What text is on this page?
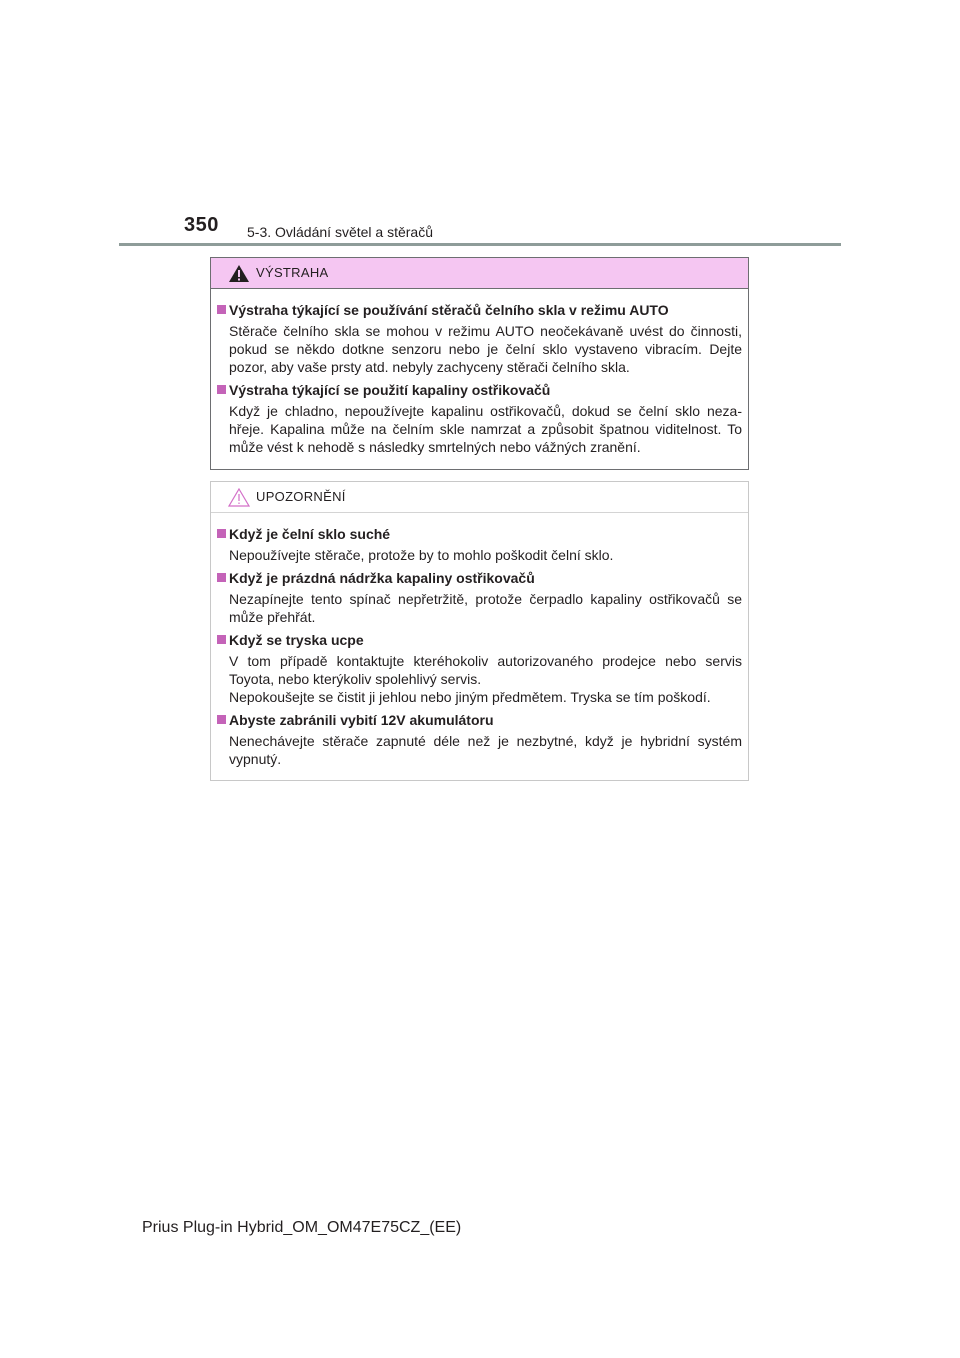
350 5-3. Ovládání světel a stěračů
VÝSTRAHA
Výstraha týkající se používání stěračů čelního skla v režimu AUTO
Stěrače čelního skla se mohou v režimu AUTO neočekávaně uvést do činnosti, pokud se někdo dotkne senzoru nebo je čelní sklo vystaveno vibracím. Dejte pozor, aby vaše prsty atd. nebyly zachyceny stěrači čelního skla.
Výstraha týkající se použití kapaliny ostřikovačů
Když je chladno, nepoužívejte kapalinu ostřikovačů, dokud se čelní sklo neza-hřeje. Kapalina může na čelním skle namrzat a způsobit špatnou viditelnost. To může vést k nehodě s následky smrtelných nebo vážných zranění.
UPOZORNĚNÍ
Když je čelní sklo suché
Nepoužívejte stěrače, protože by to mohlo poškodit čelní sklo.
Když je prázdná nádržka kapaliny ostřikovačů
Nezapínejte tento spínač nepřetržitě, protože čerpadlo kapaliny ostřikovačů se může přehřát.
Když se tryska ucpe
V tom případě kontaktujte kteréhokoliv autorizovaného prodejce nebo servis Toyota, nebo kterýkoliv spolehlivý servis.
Nepokoušejte se čistit ji jehlou nebo jiným předmětem. Tryska se tím poškodí.
Abyste zabránili vybití 12V akumulátoru
Nenechávejte stěrače zapnuté déle než je nezbytné, když je hybridní systém vypnutý.
Prius Plug-in Hybrid_OM_OM47E75CZ_(EE)
